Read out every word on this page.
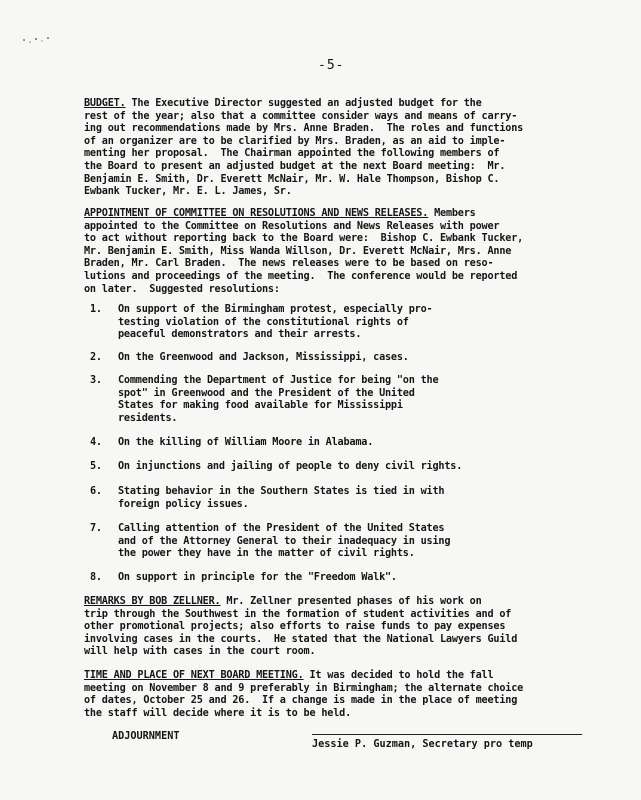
-5-
BUDGET. The Executive Director suggested an adjusted budget for the
rest of the year; also that a committee consider ways and means of carry-
ing out recommendations made by Mrs. Anne Braden.  The roles and functions
of an organizer are to be clarified by Mrs. Braden, as an aid to imple-
menting her proposal.  The Chairman appointed the following members of
the Board to present an adjusted budget at the next Board meeting:  Mr.
Benjamin E. Smith, Dr. Everett McNair, Mr. W. Hale Thompson, Bishop C.
Ewbank Tucker, Mr. E. L. James, Sr.
APPOINTMENT OF COMMITTEE ON RESOLUTIONS AND NEWS RELEASES. Members
appointed to the Committee on Resolutions and News Releases with power
to act without reporting back to the Board were:  Bishop C. Ewbank Tucker,
Mr. Benjamin E. Smith, Miss Wanda Willson, Dr. Everett McNair, Mrs. Anne
Braden, Mr. Carl Braden.  The news releases were to be based on reso-
lutions and proceedings of the meeting.  The conference would be reported
on later.  Suggested resolutions:
1. On support of the Birmingham protest, especially pro-
testing violation of the constitutional rights of
peaceful demonstrators and their arrests.
2. On the Greenwood and Jackson, Mississippi, cases.
3. Commending the Department of Justice for being "on the
spot" in Greenwood and the President of the United
States for making food available for Mississippi
residents.
4. On the killing of William Moore in Alabama.
5. On injunctions and jailing of people to deny civil rights.
6. Stating behavior in the Southern States is tied in with
foreign policy issues.
7. Calling attention of the President of the United States
and of the Attorney General to their inadequacy in using
the power they have in the matter of civil rights.
8. On support in principle for the "Freedom Walk".
REMARKS BY BOB ZELLNER. Mr. Zellner presented phases of his work on
trip through the Southwest in the formation of student activities and of
other promotional projects; also efforts to raise funds to pay expenses
involving cases in the courts.  He stated that the National Lawyers Guild
will help with cases in the court room.
TIME AND PLACE OF NEXT BOARD MEETING. It was decided to hold the fall
meeting on November 8 and 9 preferably in Birmingham; the alternate choice
of dates, October 25 and 26.  If a change is made in the place of meeting
the staff will decide where it is to be held.
ADJOURNMENT
Jessie P. Guzman, Secretary pro temp
